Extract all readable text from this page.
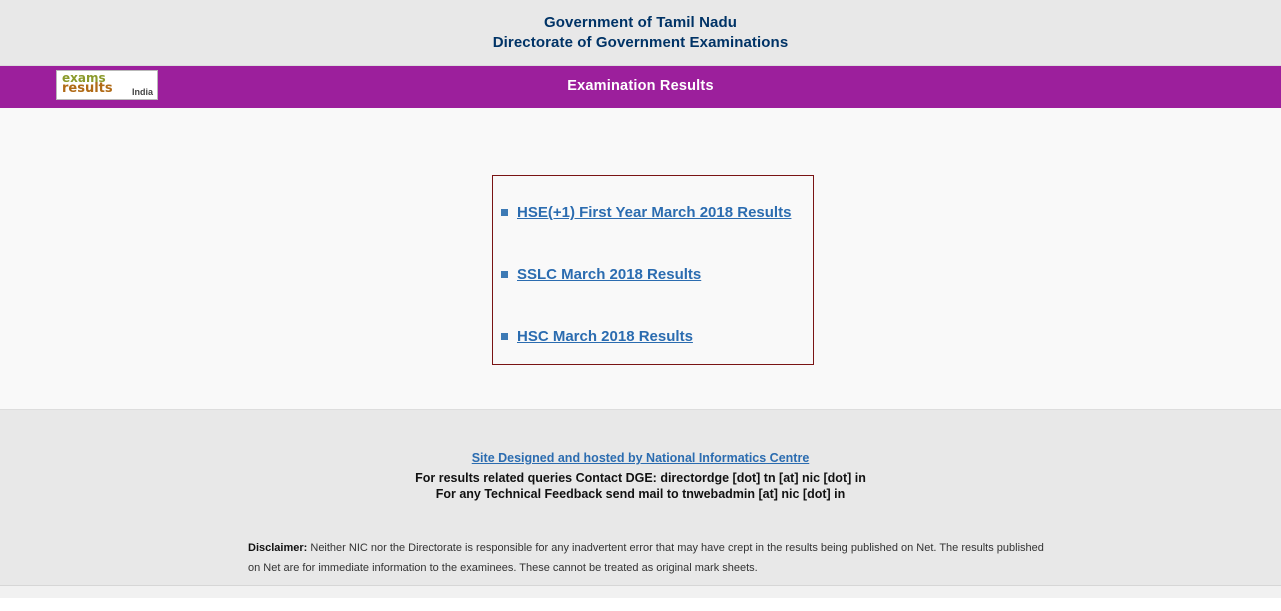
Government of Tamil Nadu
Directorate of Government Examinations
exams
results India	Examination Results
HSE(+1) First Year March 2018 Results
SSLC March 2018 Results
HSC March 2018 Results
Site Designed and hosted by National Informatics Centre
For results related queries Contact DGE: directordge [dot] tn [at] nic [dot] in
For any Technical Feedback send mail to tnwebadmin [at] nic [dot] in
Disclaimer: Neither NIC nor the Directorate is responsible for any inadvertent error that may have crept in the results being published on Net. The results published on Net are for immediate information to the examinees. These cannot be treated as original mark sheets.
